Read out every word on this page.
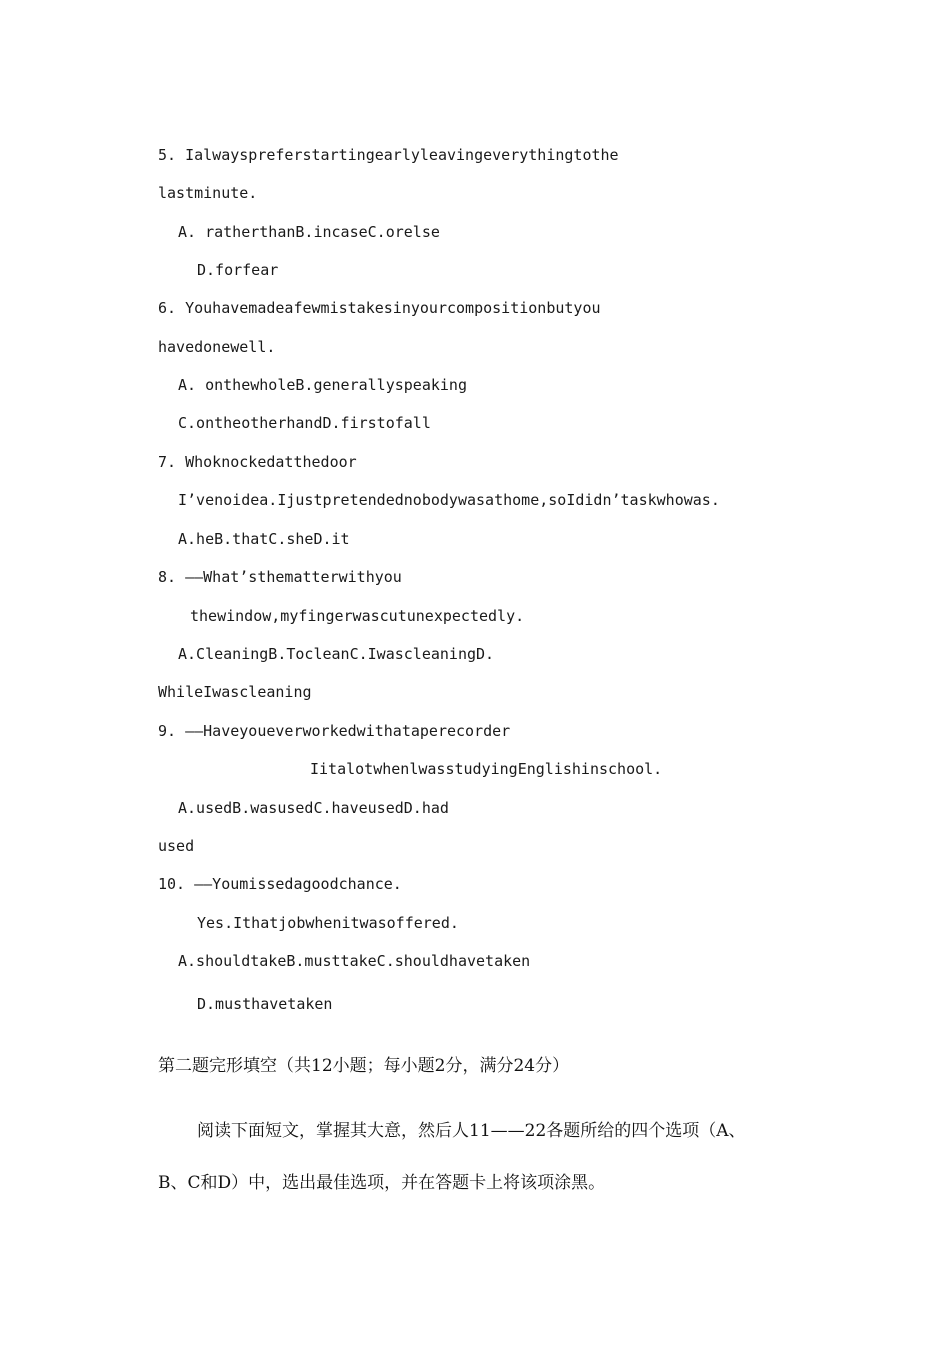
5. Ialwayspreferstartingearlyleavingeverythingtothe
lastminute.
A. ratherthanB.incaseC.orelse
D.forfear
6. Youhavemadeafewmistakesinyourcompositionbutyou
havedonewell.
A. onthewholeB.generallyspeaking
C.ontheotherhandD.firstofall
7. Whoknockedatthedoor
I’venoidea.Ijustpretendednobodywasathome,soIdidn’taskwhowas.
A.heB.thatC.sheD.it
8. ——What’sthematterwithyou
thewindow,myfingerwascutunexpectedly.
A.CleaningB.TocleanC.IwascleaningD.
WhileIwascleaning
9. ——Haveyoueverworkedwithataperecorder
IitalotwhenlwasstudyingEnglishinschool.
A.usedB.wasusedC.haveusedD.had
used
10. ——Youmissedagoodchance.
Yes.Ithatjobwhenitwasoffered.
A.shouldtakeB.musttakeC.shouldhavetaken
D.musthavetaken
第二题完形填空（共12小题；每小题2分，满分24分）
阅读下面短文，掌握其大意，然后人11——22各题所给的四个选项（A、
B、C和D）中，选出最佳选项，并在答题卡上将该项涂黑。
